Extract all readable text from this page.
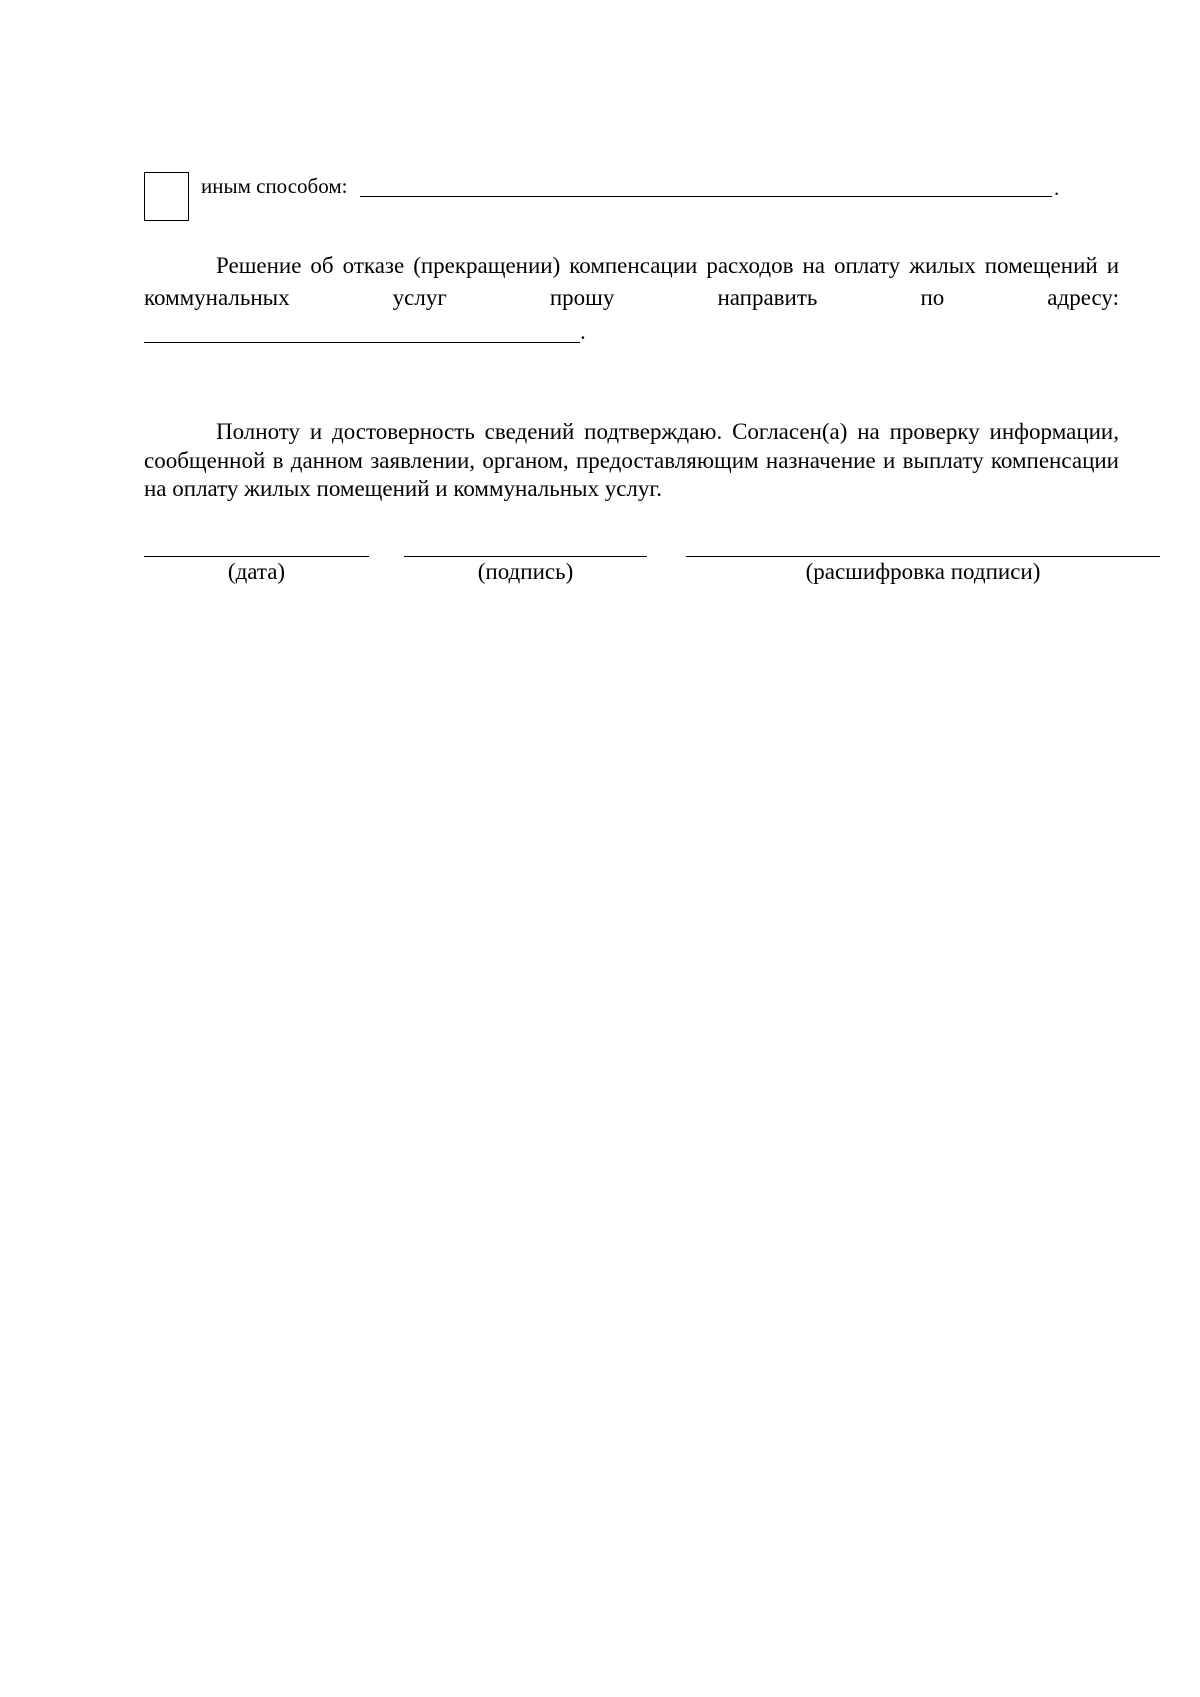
иным способом:	.

Решение об отказе (прекращении) компенсации расходов на оплату жилых помещений и коммунальных услуг прошу направить по адресу:

.

Полноту и достоверность сведений подтверждаю. Согласен(а) на проверку информации, сообщенной в данном заявлении, органом, предоставляющим назначение и выплату компенсации на оплату жилых помещений и коммунальных услуг.

(дата)	(подпись)	(расшифровка подписи)
